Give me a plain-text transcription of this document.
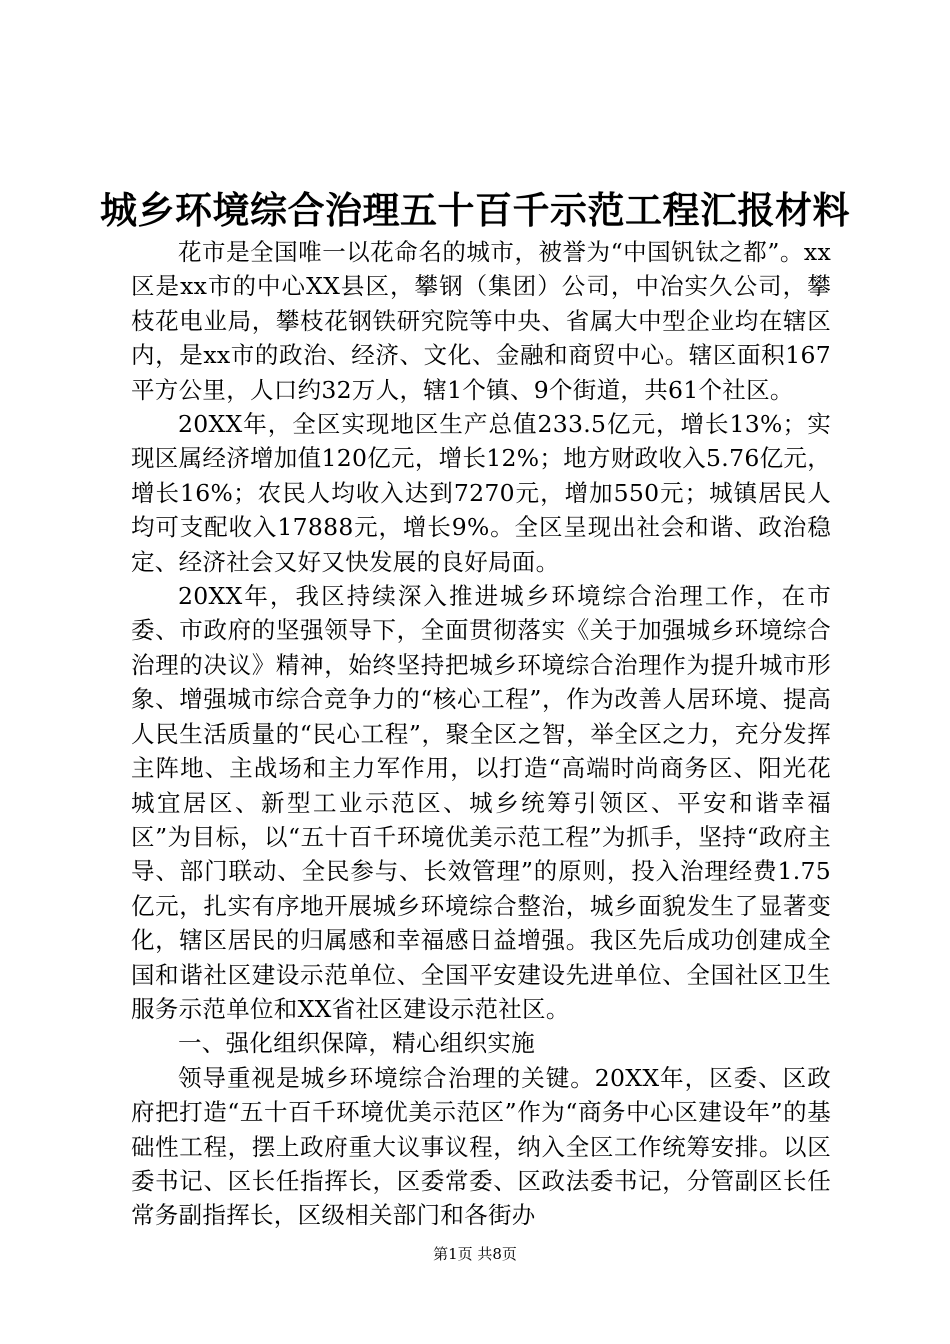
城乡环境综合治理五十百千示范工程汇报材料

花市是全国唯一以花命名的城市，被誉为“中国钒钛之都”。xx区是xx市的中心XX县区，攀钢（集团）公司，中冶实久公司，攀枝花电业局，攀枝花钢铁研究院等中央、省属大中型企业均在辖区内，是xx市的政治、经济、文化、金融和商贸中心。辖区面积167平方公里，人口约32万人，辖1个镇、9个街道，共61个社区。

20XX年，全区实现地区生产总值233.5亿元，增长13%；实现区属经济增加值120亿元，增长12%；地方财政收入5.76亿元，增长16%；农民人均收入达到7270元，增加550元；城镇居民人均可支配收入17888元，增长9%。全区呈现出社会和谐、政治稳定、经济社会又好又快发展的良好局面。

20XX年，我区持续深入推进城乡环境综合治理工作，在市委、市政府的坚强领导下，全面贯彻落实《关于加强城乡环境综合治理的决议》精神，始终坚持把城乡环境综合治理作为提升城市形象、增强城市综合竞争力的“核心工程”，作为改善人居环境、提高人民生活质量的“民心工程”，聚全区之智，举全区之力，充分发挥主阵地、主战场和主力军作用，以打造“高端时尚商务区、阳光花城宜居区、新型工业示范区、城乡统筹引领区、平安和谐幸福区”为目标，以“五十百千环境优美示范工程”为抓手，坚持“政府主导、部门联动、全民参与、长效管理”的原则，投入治理经费1.75亿元，扎实有序地开展城乡环境综合整治，城乡面貌发生了显著变化，辖区居民的归属感和幸福感日益增强。我区先后成功创建成全国和谐社区建设示范单位、全国平安建设先进单位、全国社区卫生服务示范单位和XX省社区建设示范社区。

一、强化组织保障，精心组织实施

领导重视是城乡环境综合治理的关键。20XX年，区委、区政府把打造“五十百千环境优美示范区”作为“商务中心区建设年”的基础性工程，摆上政府重大议事议程，纳入全区工作统筹安排。以区委书记、区长任指挥长，区委常委、区政法委书记，分管副区长任常务副指挥长，区级相关部门和各街办

第1页 共8页
